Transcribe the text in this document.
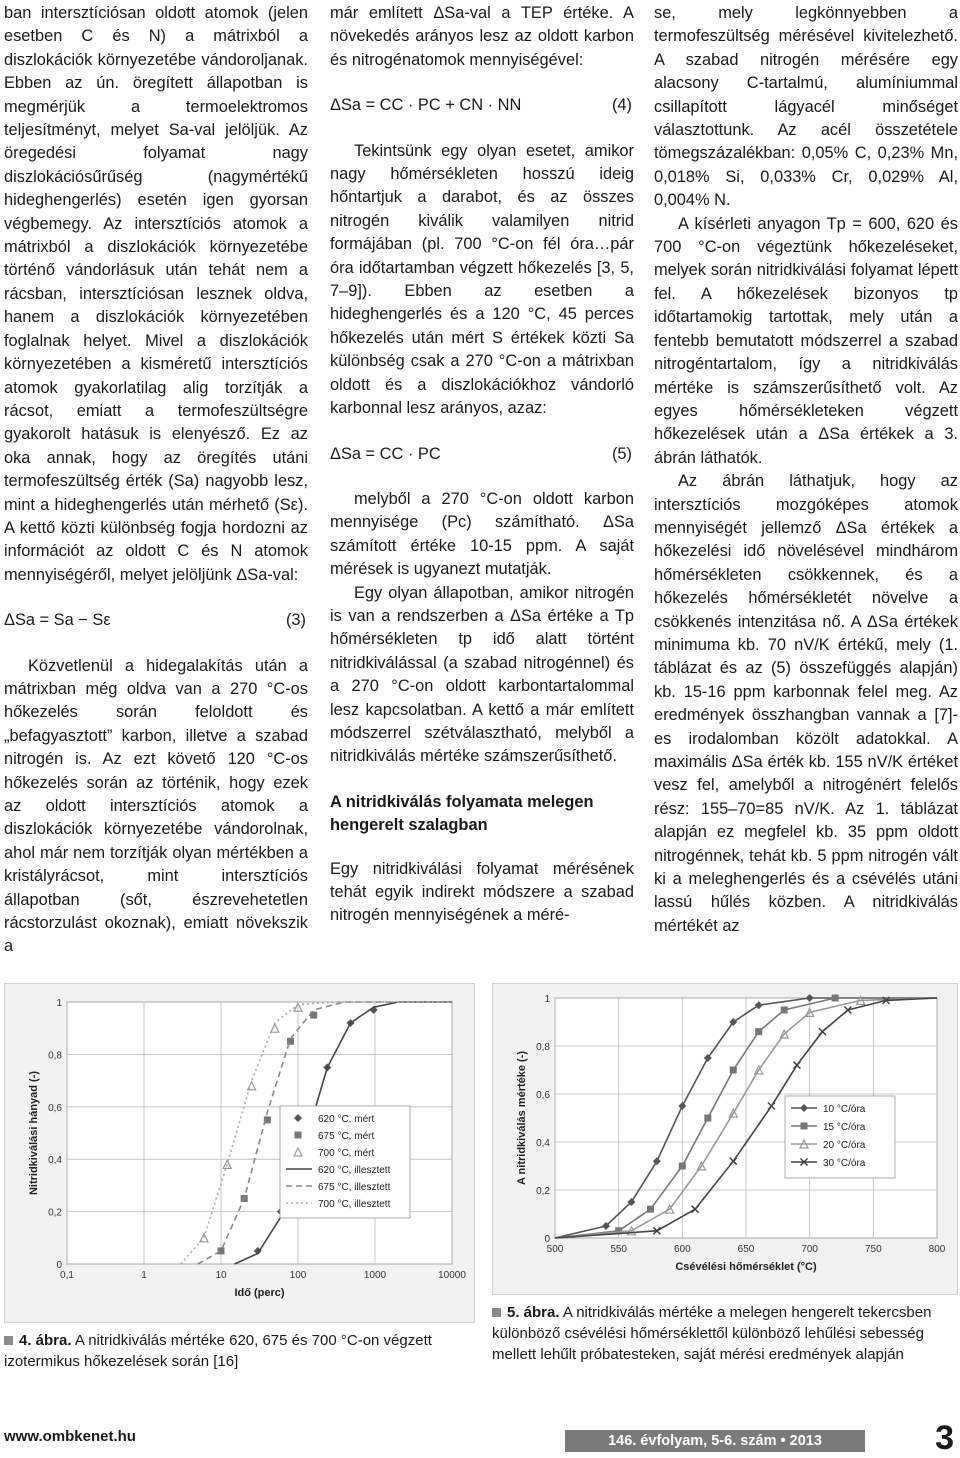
ban intersztíciósan oldott atomok (jelen esetben C és N) a mátrixból a diszlokációk környezetébe vándoroljanak. Ebben az ún. öregített állapotban is megmérjük a termoelektromos teljesítményt, melyet Sa-val jelöljük. Az öregedési folyamat nagy diszlokációsűrűség (nagymértékű hideghengerlés) esetén igen gyorsan végbemegy. Az intersztíciós atomok a mátrixból a diszlokációk környezetébe történő vándorlásuk után tehát nem a rácsban, intersztíciósan lesznek oldva, hanem a diszlokációk környezetében foglalnak helyet. Mivel a diszlokációk környezetében a kisméretű intersztíciós atomok gyakorlatilag alig torzítják a rácsot, emiatt a termofeszültségre gyakorolt hatásuk is elenyésző. Ez az oka annak, hogy az öregítés utáni termofeszültség érték (Sa) nagyobb lesz, mint a hideghengerlés után mérhető (Sε). A kettő közti különbség fogja hordozni az információt az oldott C és N atomok mennyiségéről, melyet jelöljünk ΔSa-val:

ΔSa = Sa − Sε	(3)

Közvetlenül a hidegalakítás után a mátrixban még oldva van a 270 °C-os hőkezelés során feloldott és „befagyasztott” karbon, illetve a szabad nitrogén is. Az ezt követő 120 °C-os hőkezelés során az történik, hogy ezek az oldott intersztíciós atomok a diszlokációk környezetébe vándorolnak, ahol már nem torzítják olyan mértékben a kristályrácsot, mint intersztíciós állapotban (sőt, észrevehetetlen rácstorzulást okoznak), emiatt növekszik a

már említett ΔSa-val a TEP értéke. A növekedés arányos lesz az oldott karbon és nitrogénatomok mennyiségével:

ΔSa = CC · PC + CN · NN	(4)

Tekintsünk egy olyan esetet, amikor nagy hőmérsékleten hosszú ideig hőntartjuk a darabot, és az összes nitrogén kiválik valamilyen nitrid formájában (pl. 700 °C-on fél óra…pár óra időtartamban végzett hőkezelés [3, 5, 7–9]). Ebben az esetben a hideghengerlés és a 120 °C, 45 perces hőkezelés után mért S értékek közti Sa különbség csak a 270 °C-on a mátrixban oldott és a diszlokációkhoz vándorló karbonnal lesz arányos, azaz:

ΔSa = CC · PC	(5)

melyből a 270 °C-on oldott karbon mennyisége (Pc) számítható. ΔSa számított értéke 10-15 ppm. A saját mérések is ugyanezt mutatják.

Egy olyan állapotban, amikor nitrogén is van a rendszerben a ΔSa értéke a Tp hőmérsékleten tp idő alatt történt nitridkiválással (a szabad nitrogénnel) és a 270 °C-on oldott karbontartalommal lesz kapcsolatban. A kettő a már említett módszerrel szétválasztható, melyből a nitridkiválás mértéke számszerűsíthető.

A nitridkiválás folyamata melegen hengerelt szalagban

Egy nitridkiválási folyamat mérésének tehát egyik indirekt módszere a szabad nitrogén mennyiségének a méré-

se, mely legkönnyebben a termofeszültség mérésével kivitelezhető. A szabad nitrogén mérésére egy alacsony C-tartalmú, alumíniummal csillapított lágyacél minőséget választottunk. Az acél összetétele tömegszázalékban: 0,05% C, 0,23% Mn, 0,018% Si, 0,033% Cr, 0,029% Al, 0,004% N.

A kísérleti anyagon Tp = 600, 620 és 700 °C-on végeztünk hőkezeléseket, melyek során nitridkiválási folyamat lépett fel. A hőkezelések bizonyos tp időtartamokig tartottak, mely után a fentebb bemutatott módszerrel a szabad nitrogéntartalom, így a nitridkiválás mértéke is számszerűsíthető volt. Az egyes hőmérsékleteken végzett hőkezelések után a ΔSa értékek a 3. ábrán láthatók.

Az ábrán láthatjuk, hogy az intersztíciós mozgóképes atomok mennyiségét jellemző ΔSa értékek a hőkezelési idő növelésével mindhárom hőmérsékleten csökkennek, és a hőkezelés hőmérsékletét növelve a csökkenés intenzitása nő. A ΔSa értékek minimuma kb. 70 nV/K értékű, mely (1. táblázat és az (5) összefüggés alapján) kb. 15-16 ppm karbonnak felel meg. Az eredmények összhangban vannak a [7]-es irodalomban közölt adatokkal. A maximális ΔSa érték kb. 155 nV/K értéket vesz fel, amelyből a nitrogénért felelős rész: 155–70=85 nV/K. Az 1. táblázat alapján ez megfelel kb. 35 ppm oldott nitrogénnek, tehát kb. 5 ppm nitrogén vált ki a meleghengerlés és a csévélés utáni lassú hűlés közben. A nitridkiválás mértékét az

0
0,2
0,4
0,6
0,8
1
0,1	1	10	100	1000	10000
Idő (perc)
Nitridkiválási hányad (-)	620 °C, mért
675 °C, mért
700 °C, mért
620 °C, illesztett
675 °C, illesztett
700 °C, illesztett
0
0,2
0,4
0,6
0,8
1
500	550	600	650	700	750	800
Csévélési hőmérséklet (°C)
A nitridkiválás mértéke (-)	10 °C/óra
15 °C/óra
20 °C/óra
30 °C/óra
4. ábra. A nitridkiválás mértéke 620, 675 és 700 °C-on végzett izotermikus hőkezelések során [16]
5. ábra. A nitridkiválás mértéke a melegen hengerelt tekercsben különböző csévélési hőmérséklettől különböző lehűlési sebesség mellett lehűlt próbatesteken, saját mérési eredmények alapján
www.ombkenet.hu	146. évfolyam, 5-6. szám • 2013	3
